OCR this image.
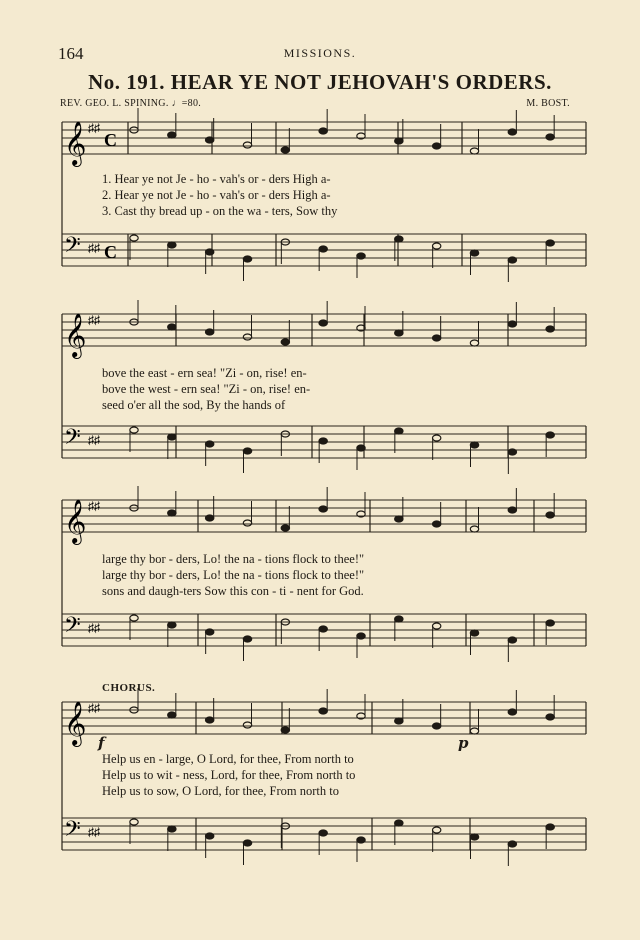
164	MISSIONS.
No. 191. HEAR YE NOT JEHOVAH'S ORDERS.
REV. GEO. L. SPINING. ♩=80.	M. BOST.
𝄞 ♯♯
C
𝄢 ♯♯ C
𝄞 ♯♯
𝄢 ♯♯
𝄞 ♯♯
𝄢 ♯♯
𝄞 ♯♯
𝄢 ♯♯
1. Hear ye not Je - ho - vah's or - ders High a-
2. Hear ye not Je - ho - vah's or - ders High a-
3. Cast thy bread up - on the wa - ters, Sow thy
bove the east - ern sea! "Zi - on, rise! en-
bove the west - ern sea! "Zi - on, rise! en-
seed o'er all the sod, By the hands of
large thy bor - ders, Lo! the na - tions flock to thee!"
large thy bor - ders, Lo! the na - tions flock to thee!"
sons and daugh-ters Sow this con - ti - nent for God.
CHORUS.
f	p
Help us en - large, O Lord, for thee, From north to
Help us to wit - ness, Lord, for thee, From north to
Help us to sow, O Lord, for thee, From north to
